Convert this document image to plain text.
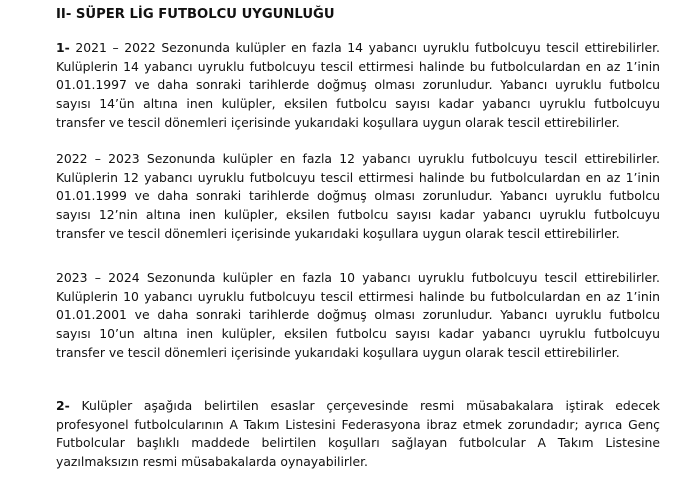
II- SÜPER LİG FUTBOLCU UYGUNLUĞU
1- 2021 – 2022 Sezonunda kulüpler en fazla 14 yabancı uyruklu futbolcuyu tescil ettirebilirler.
Kulüplerin 14 yabancı uyruklu futbolcuyu tescil ettirmesi halinde bu futbolculardan en az 1’inin
01.01.1997 ve daha sonraki tarihlerde doğmuş olması zorunludur. Yabancı uyruklu futbolcu
sayısı 14’ün altına inen kulüpler, eksilen futbolcu sayısı kadar yabancı uyruklu futbolcuyu
transfer ve tescil dönemleri içerisinde yukarıdaki koşullara uygun olarak tescil ettirebilirler.
2022 – 2023 Sezonunda kulüpler en fazla 12 yabancı uyruklu futbolcuyu tescil ettirebilirler.
Kulüplerin 12 yabancı uyruklu futbolcuyu tescil ettirmesi halinde bu futbolculardan en az 1’inin
01.01.1999 ve daha sonraki tarihlerde doğmuş olması zorunludur. Yabancı uyruklu futbolcu
sayısı 12’nin altına inen kulüpler, eksilen futbolcu sayısı kadar yabancı uyruklu futbolcuyu
transfer ve tescil dönemleri içerisinde yukarıdaki koşullara uygun olarak tescil ettirebilirler.
2023 – 2024 Sezonunda kulüpler en fazla 10 yabancı uyruklu futbolcuyu tescil ettirebilirler.
Kulüplerin 10 yabancı uyruklu futbolcuyu tescil ettirmesi halinde bu futbolculardan en az 1’inin
01.01.2001 ve daha sonraki tarihlerde doğmuş olması zorunludur. Yabancı uyruklu futbolcu
sayısı 10’un altına inen kulüpler, eksilen futbolcu sayısı kadar yabancı uyruklu futbolcuyu
transfer ve tescil dönemleri içerisinde yukarıdaki koşullara uygun olarak tescil ettirebilirler.
2- Kulüpler aşağıda belirtilen esaslar çerçevesinde resmi müsabakalara iştirak edecek
profesyonel futbolcularının A Takım Listesini Federasyona ibraz etmek zorundadır; ayrıca Genç
Futbolcular başlıklı maddede belirtilen koşulları sağlayan futbolcular A Takım Listesine
yazılmaksızın resmi müsabakalarda oynayabilirler.
